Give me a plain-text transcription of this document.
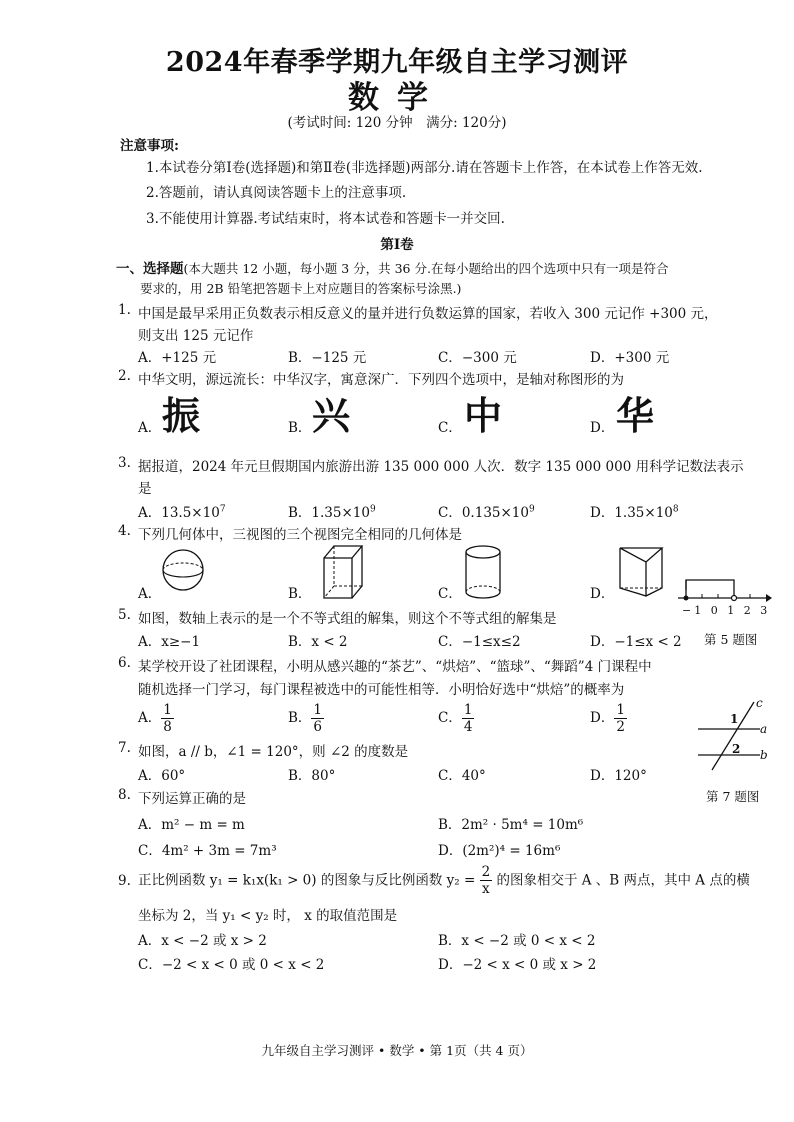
2024年春季学期九年级自主学习测评
数学
(考试时间: 120 分钟　满分: 120分)
注意事项:
1.本试卷分第Ⅰ卷(选择题)和第Ⅱ卷(非选择题)两部分.请在答题卡上作答，在本试卷上作答无效.
2.答题前，请认真阅读答题卡上的注意事项.
3.不能使用计算器.考试结束时，将本试卷和答题卡一并交回.
第Ⅰ卷
一、选择题(本大题共 12 小题，每小题 3 分，共 36 分.在每小题给出的四个选项中只有一项是符合
要求的，用 2B 铅笔把答题卡上对应题目的答案标号涂黑.)
1. 中国是最早采用正负数表示相反意义的量并进行负数运算的国家，若收入 300 元记作 +300 元，
则支出 125 元记作
A．+125 元	B．−125 元	C．−300 元	D．+300 元
2. 中华文明，源远流长：中华汉字，寓意深广．下列四个选项中，是轴对称图形的为
A． 振	B． 兴	C． 中	D． 华
3. 据报道，2024 年元旦假期国内旅游出游 135 000 000 人次．数字 135 000 000 用科学记数法表示
是
A．$13.5\times 10^7$	B．$1.35\times 10^9$	C．$0.135\times 10^9$	D．$1.35\times 10^8$
4. 下列几何体中，三视图的三个视图完全相同的几何体是
A．	B．	C．	D．
−1 0 1 2 3
5. 如图，数轴上表示的是一个不等式组的解集，则这个不等式组的解集是
A．x≥−1	B．x < 2	C．−1≤x≤2	D．−1≤x < 2 第 5 题图
6. 某学校开设了社团课程，小明从感兴趣的“茶艺”、“烘焙”、“篮球”、“舞蹈”4 门课程中
随机选择一门学习，每门课程被选中的可能性相等．小明恰好选中“烘焙”的概率为
A． $\frac{1}{8}$	B． $\frac{1}{6}$	C． $\frac{1}{4}$	D． $\frac{1}{2}$	c
a
b
1
2
7. 如图，a // b，∠1 = 120°，则 ∠2 的度数是
A．60°	B．80°	C．40°	D．120°
第 7 题图
8. 下列运算正确的是
A．m² − m = m	B．2m² · 5m⁴ = 10m⁶
C．4m² + 3m = 7m³	D．(2m²)⁴ = 16m⁶
9. 正比例函数 y₁ = k₁x(k₁ > 0) 的图象与反比例函数 $y_2 = \frac{2}{x}$ 的图象相交于 A 、B 两点，其中 A 点的横
坐标为 2，当 y₁ < y₂ 时， x 的取值范围是
A．x < −2 或 x > 2	B．x < −2 或 0 < x < 2
C．−2 < x < 0 或 0 < x < 2	D．−2 < x < 0 或 x > 2
九年级自主学习测评 • 数学 • 第 1页（共 4 页）
